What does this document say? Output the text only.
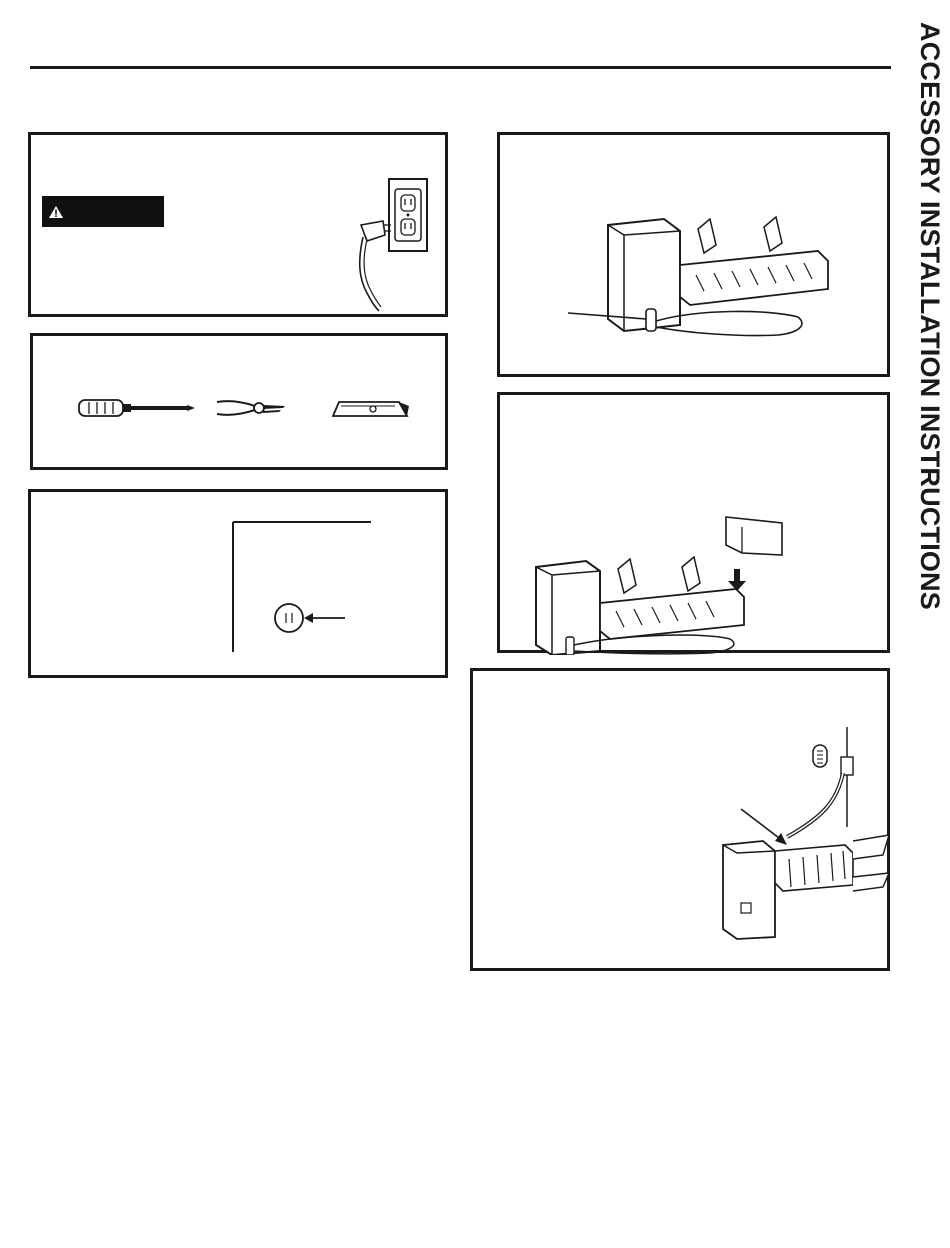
ACCESSORY INSTALLATION INSTRUCTIONS
